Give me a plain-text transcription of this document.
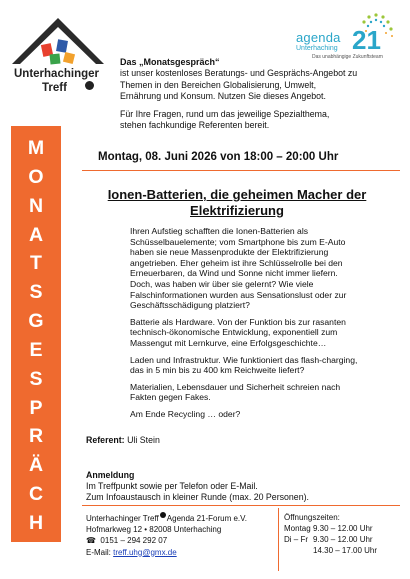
Unterhachinger
Treff
agenda 21
Unterhaching
Das unabhängige Zukunftsteam

Das „Monatsgespräch“

ist unser kostenloses Beratungs- und Gesprächs-Angebot zu Themen in den Bereichen Globalisierung, Umwelt, Ernährung und Konsum. Nutzen Sie dieses Angebot.

Für Ihre Fragen, rund um das jeweilige Spezialthema, stehen fachkundige Referenten bereit.

M
O
N
A
T
S
G
E
S
P
R
Ä
C
H
Montag, 08. Juni 2026 von 18:00 – 20:00 Uhr
Ionen-Batterien, die geheimen Macher der Elektrifizierung

Ihren Aufstieg schafften die Ionen-Batterien als Schüsselbauelemente; vom Smartphone bis zum E-Auto haben sie neue Massenprodukte der Elektrifizierung angetrieben. Eher geheim ist ihre Schlüsselrolle bei den Erneuerbaren, da Wind und Sonne nicht immer liefern. Doch, was haben wir über sie gelernt? Wie viele Falschinformationen wurden aus Sensationslust oder zur Geschäftsschädigung platziert?

Batterie als Hardware. Von der Funktion bis zur rasanten technisch-ökonomische Entwicklung, exponentiell zum Massengut mit Lernkurve, eine Erfolgsgeschichte…

Laden und Infrastruktur. Wie funktioniert das flash-charging, das in 5 min bis zu 400 km Reichweite liefert?

Materialien, Lebensdauer und Sicherheit schreien nach Fakten gegen Fakes.

Am Ende Recycling … oder?

Referent: Uli Stein
Anmeldung
Im Treffpunkt sowie per Telefon oder E-Mail.
Zum Infoaustausch in kleiner Runde (max. 20 Personen).
Unterhachinger Treff Agenda 21-Forum e.V.
Hofmarkweg 12 • 82008 Unterhaching
☎ 0151 – 294 292 07
E-Mail: treff.uhg@gmx.de
Öffnungszeiten:
Montag 9.30 – 12.00 Uhr
Di – Fr 9.30 – 12.00 Uhr
14.30 – 17.00 Uhr
